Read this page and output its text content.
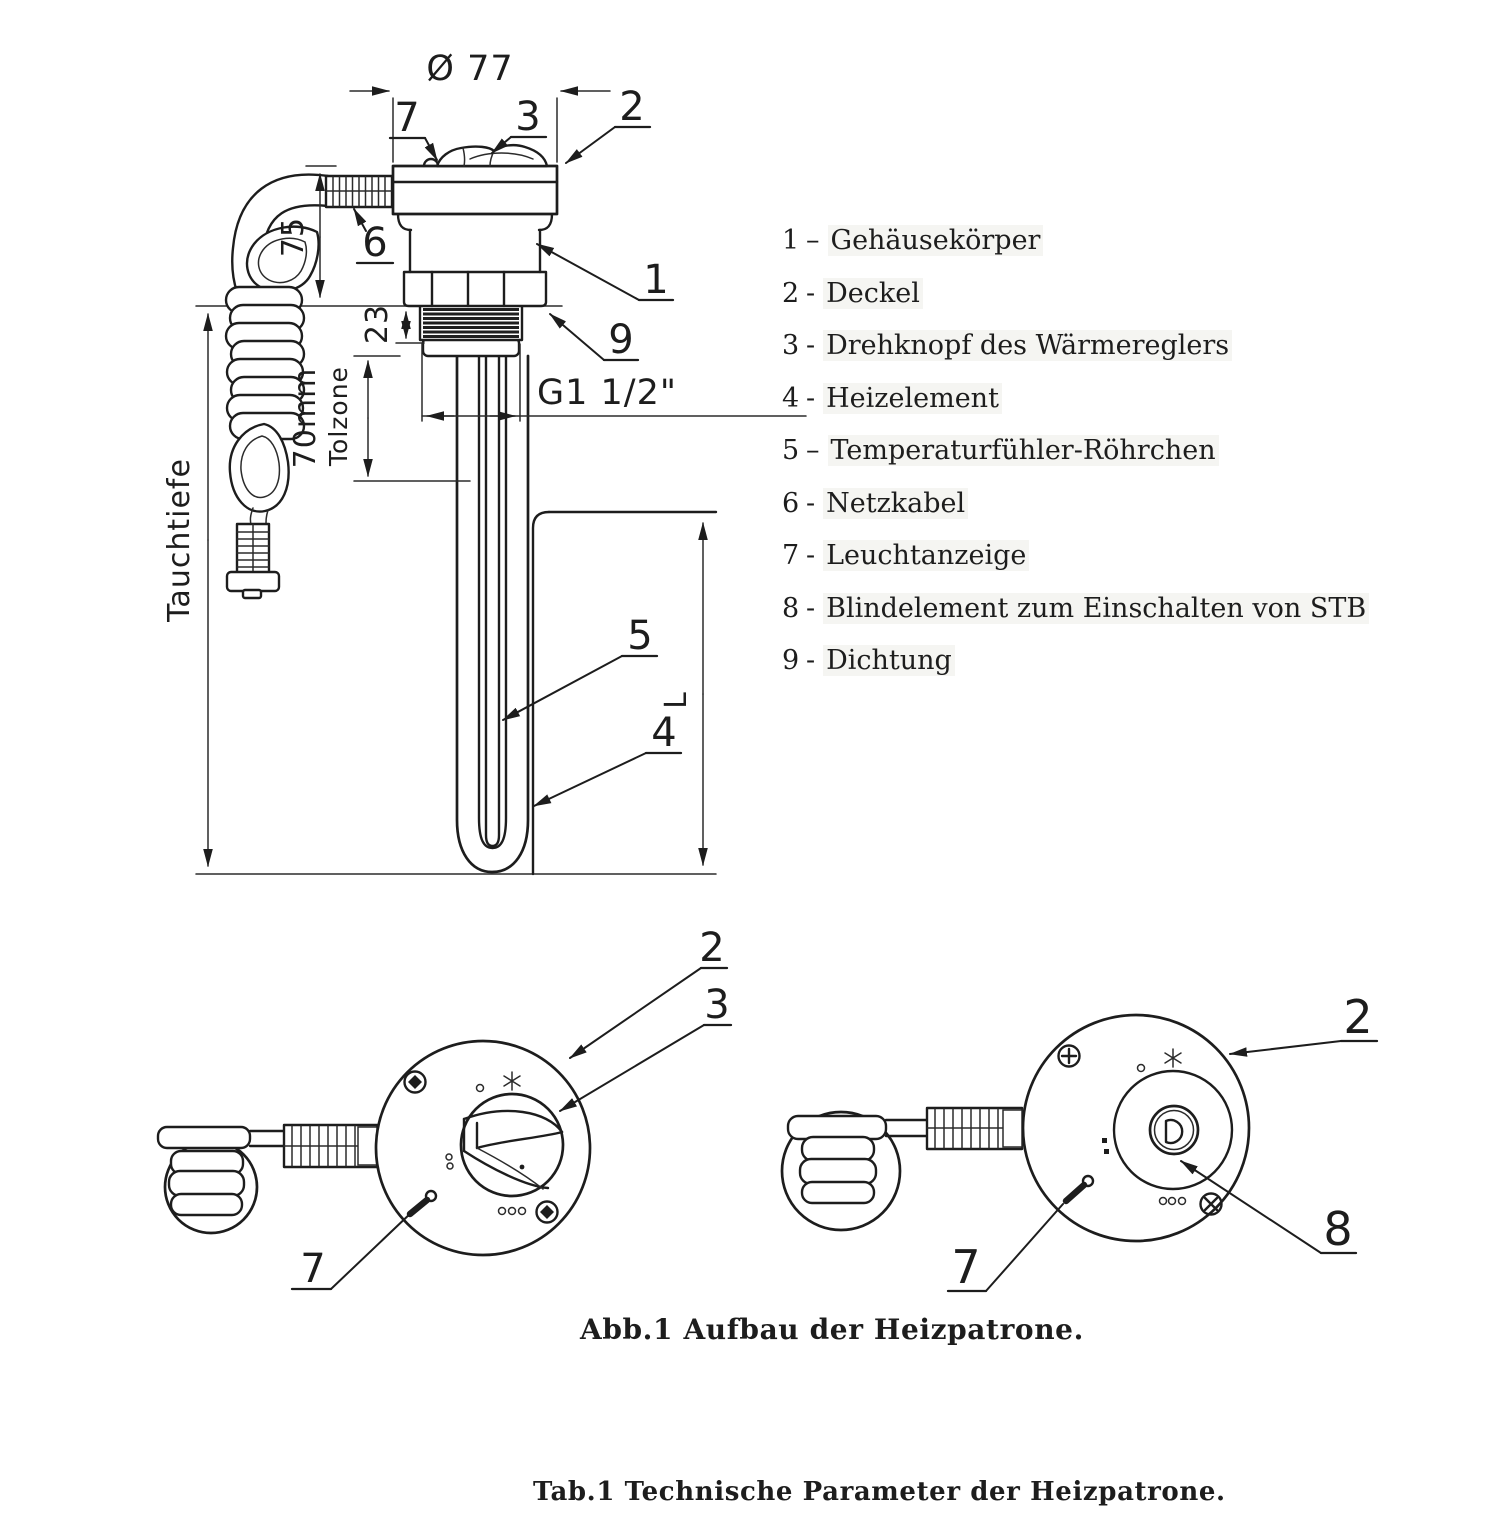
Ø 77
75
23
70mm Tolzone
Tauchtiefe
G1 1/2"
L
7 3 2
6
1
9
5
4
2
3
7
2
8
7
1 – Gehäusekörper
2 - Deckel
3 - Drehknopf des Wärmereglers
4 - Heizelement
5 – Temperaturfühler-Röhrchen
6 - Netzkabel
7 - Leuchtanzeige
8 - Blindelement zum Einschalten von STB
9 - Dichtung
Abb.1 Aufbau der Heizpatrone.
Tab.1 Technische Parameter der Heizpatrone.
